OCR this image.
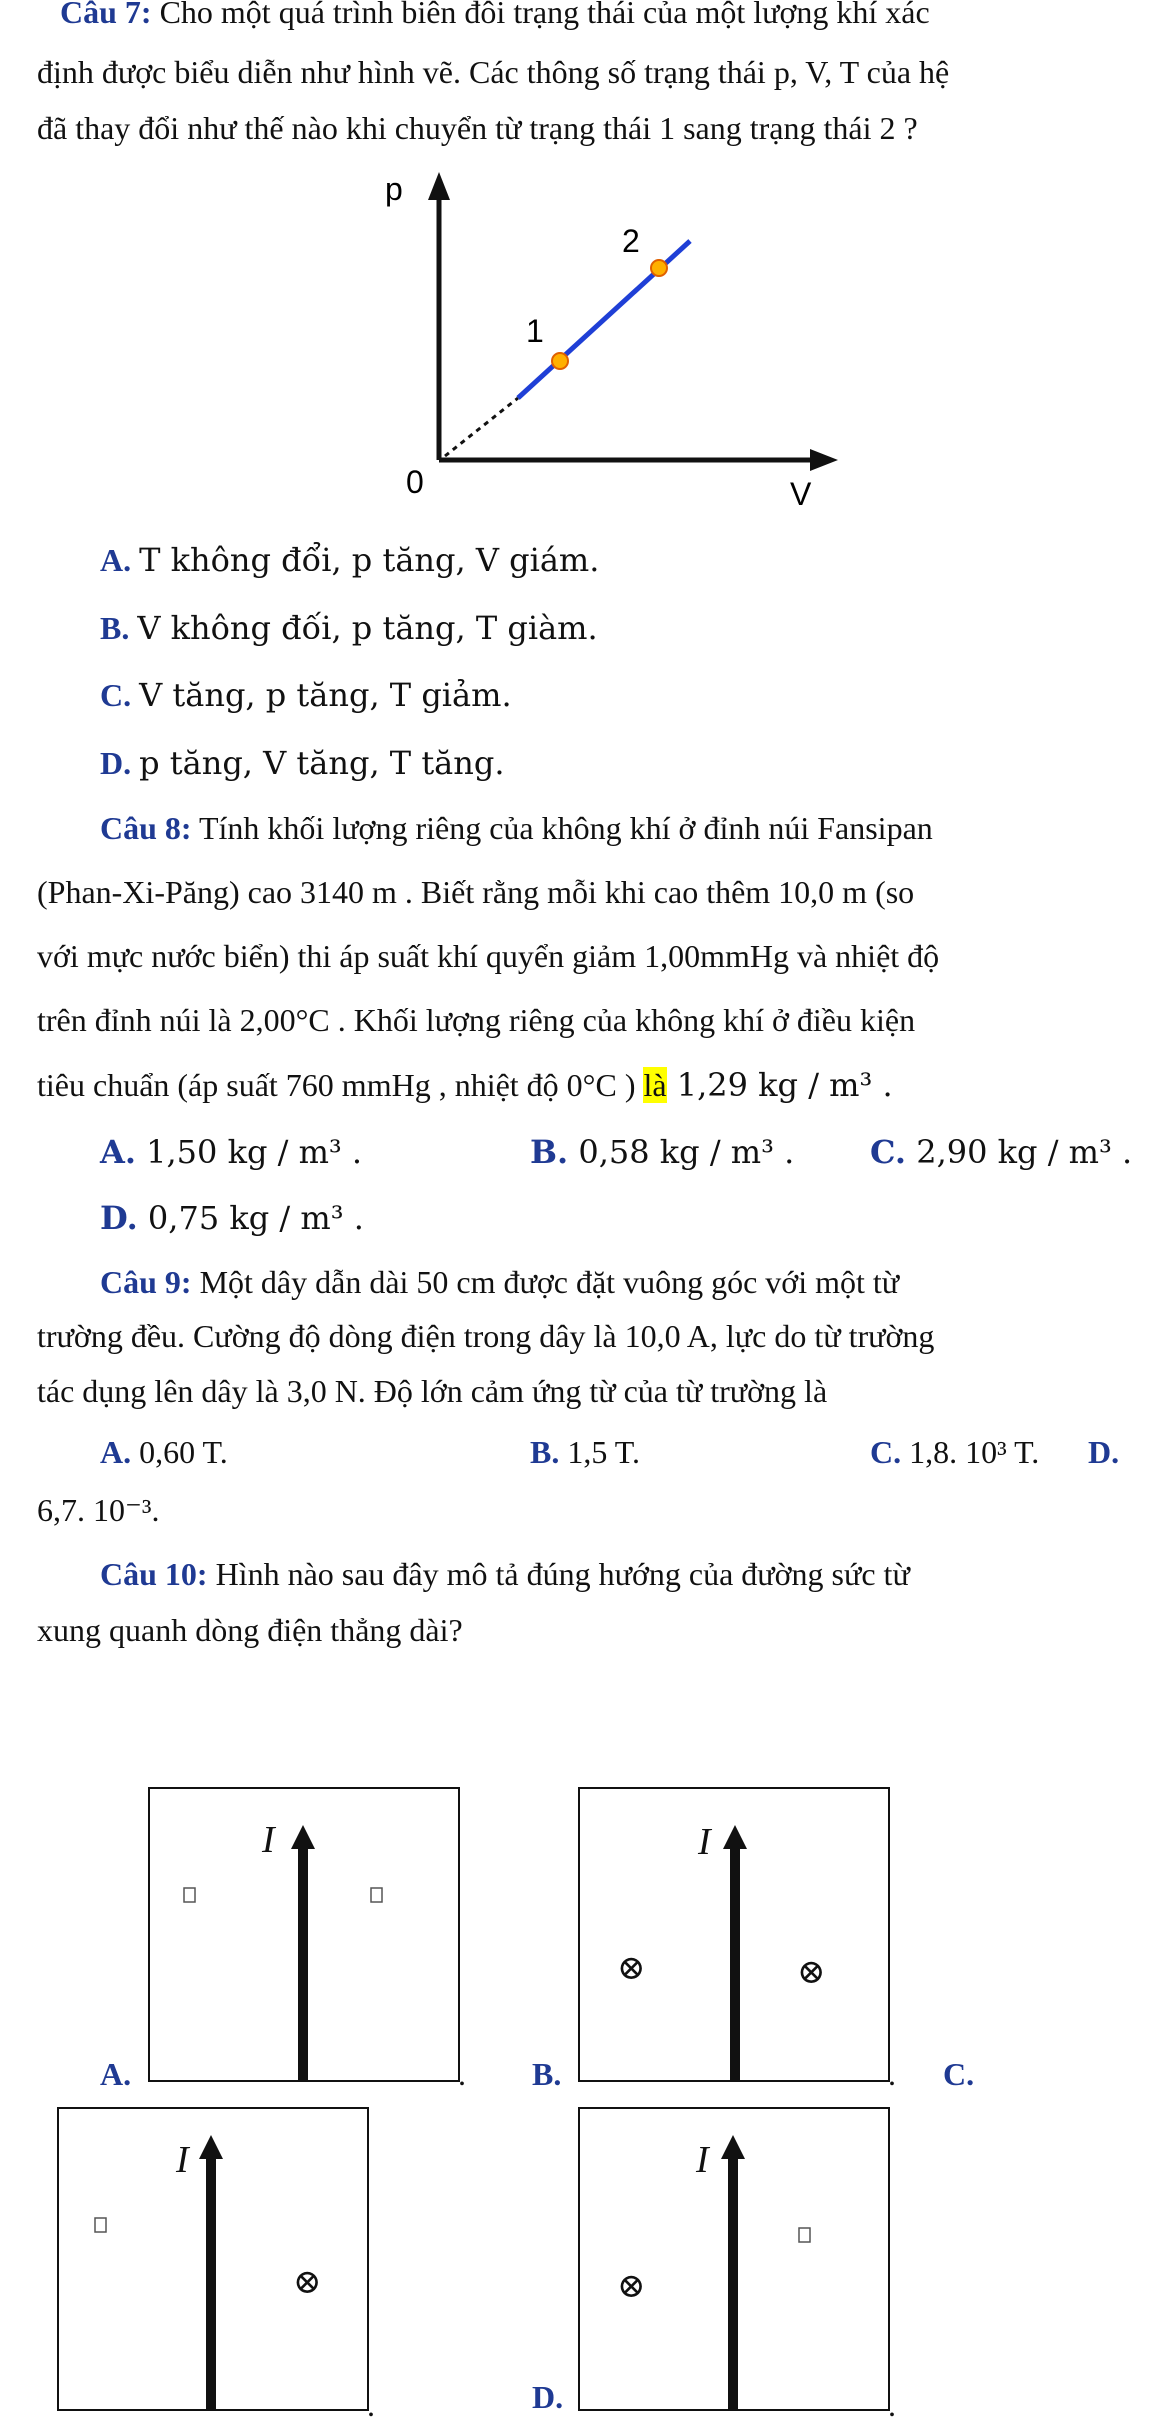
Câu 7: Cho một quá trình biên đôi trạng thái của một lượng khí xác
định được biểu diễn như hình vẽ. Các thông số trạng thái p, V, T của hệ
đã thay đổi như thế nào khi chuyển từ trạng thái 1 sang trạng thái 2 ?
p
V
0
1
2
A. T không đổi, p tăng, V giám.
B. V không đối, p tăng, T giàm.
C. V tăng, p tăng, T giảm.
D. p tăng, V tăng, T tăng.
Câu 8: Tính khối lượng riêng của không khí ở đỉnh núi Fansipan
(Phan-Xi-Păng) cao 3140 m . Biết rằng mỗi khi cao thêm 10,0 m (so
với mực nước biển) thi áp suất khí quyển giảm 1,00mmHg và nhiệt độ
trên đỉnh núi là 2,00°C . Khối lượng riêng của không khí ở điều kiện
tiêu chuẩn (áp suất 760 mmHg , nhiệt độ 0°C ) là 1,29 kg / m³ .
A. 1,50 kg / m³ .	B. 0,58 kg / m³ . C. 2,90 kg / m³ .
D. 0,75 kg / m³ .
Câu 9: Một dây dẫn dài 50 cm được đặt vuông góc với một từ
trường đều. Cường độ dòng điện trong dây là 10,0 A, lực do từ trường
tác dụng lên dây là 3,0 N. Độ lớn cảm ứng từ của từ trường là
A. 0,60 T.	B. 1,5 T.	C. 1,8. 10³ T. D.
6,7. 10⁻³.
Câu 10: Hình nào sau đây mô tả đúng hướng của đường sức từ
xung quanh dòng điện thẳng dài?
I
A.	.
I
⊗	⊗
B.	. C.
I
⊗
.
I
⊗
D.	.
